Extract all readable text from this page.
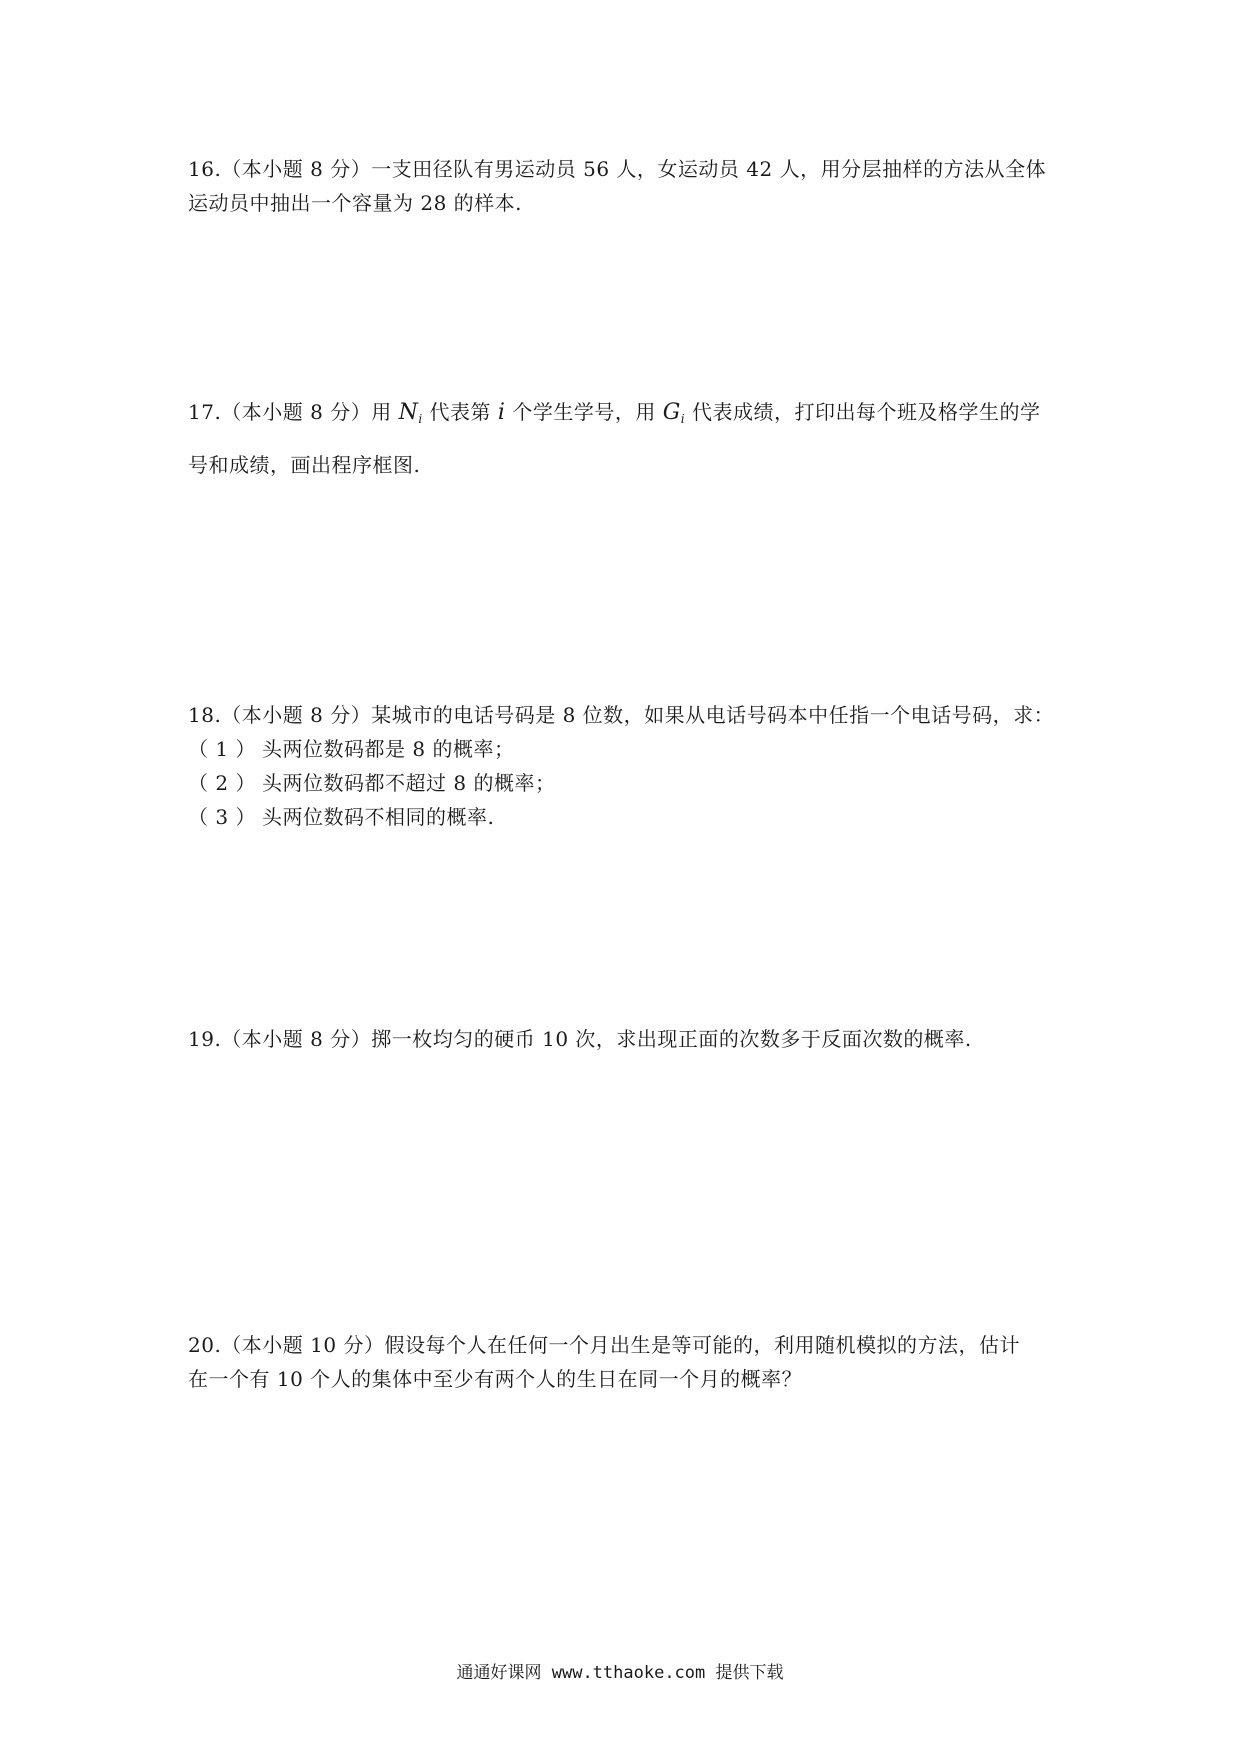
16.（本小题 8 分）一支田径队有男运动员 56 人，女运动员 42 人，用分层抽样的方法从全体
运动员中抽出一个容量为 28 的样本.
17.（本小题 8 分）用 $N_i$ 代表第 i 个学生学号，用 $G_i$ 代表成绩，打印出每个班及格学生的学
号和成绩，画出程序框图.
18.（本小题 8 分）某城市的电话号码是 8 位数，如果从电话号码本中任指一个电话号码，求：
（ 1 ） 头两位数码都是 8 的概率；
（ 2 ） 头两位数码都不超过 8 的概率；
（ 3 ） 头两位数码不相同的概率.
19.（本小题 8 分）掷一枚均匀的硬币 10 次，求出现正面的次数多于反面次数的概率.
20.（本小题 10 分）假设每个人在任何一个月出生是等可能的，利用随机模拟的方法，估计
在一个有 10 个人的集体中至少有两个人的生日在同一个月的概率？
通通好课网 www.tthaoke.com 提供下载
